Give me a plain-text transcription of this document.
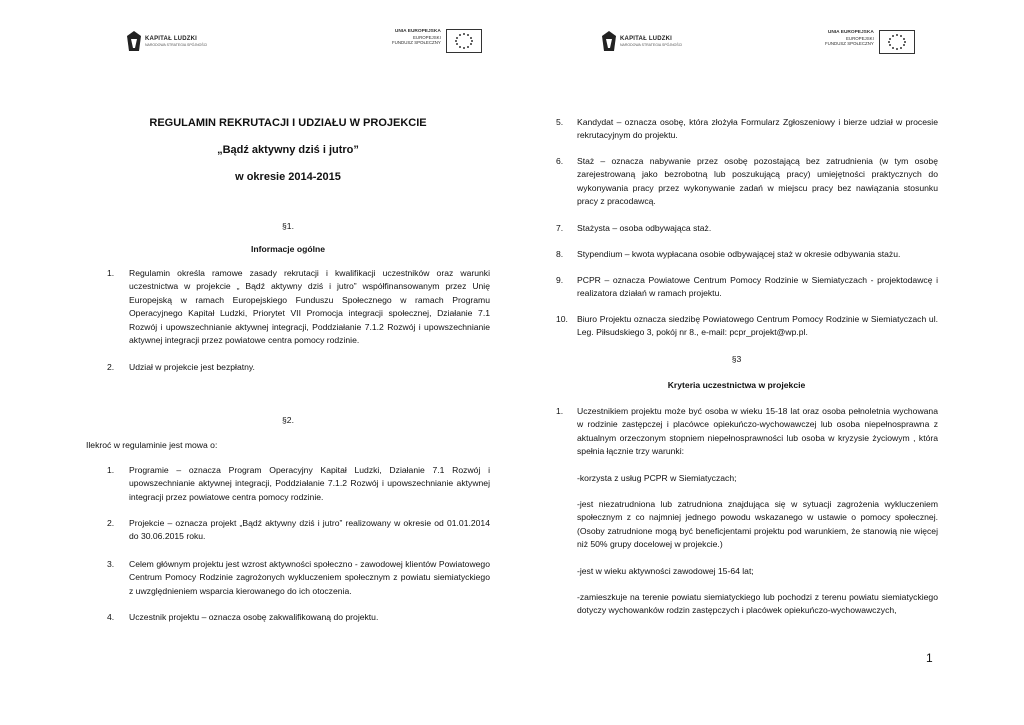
KAPITAŁ LUDZKI
NARODOWA STRATEGIA SPÓJNOŚCI
UNIA EUROPEJSKA
EUROPEJSKI
FUNDUSZ SPOŁECZNY
KAPITAŁ LUDZKI
NARODOWA STRATEGIA SPÓJNOŚCI
UNIA EUROPEJSKA
EUROPEJSKI
FUNDUSZ SPOŁECZNY
REGULAMIN REKRUTACJI I UDZIAŁU W PROJEKCIE
„Bądź aktywny dziś i jutro”
w okresie 2014-2015
§1.
Informacje ogólne
1. Regulamin określa ramowe zasady rekrutacji i kwalifikacji uczestników oraz warunki uczestnictwa w projekcie „ Bądź aktywny dziś i jutro” współfinansowanym przez Unię Europejską w ramach Europejskiego Funduszu Społecznego w ramach Programu Operacyjnego Kapitał Ludzki, Priorytet VII Promocja integracji społecznej, Działanie 7.1 Rozwój i upowszechnianie aktywnej integracji, Poddziałanie 7.1.2 Rozwój i upowszechnianie aktywnej integracji przez powiatowe centra pomocy rodzinie.
2. Udział w projekcie jest bezpłatny.
§2.
Ilekroć w regulaminie jest mowa o:
1. Programie – oznacza Program Operacyjny Kapitał Ludzki, Działanie 7.1 Rozwój i upowszechnianie aktywnej integracji, Poddziałanie 7.1.2 Rozwój i upowszechnianie aktywnej integracji przez powiatowe centra pomocy rodzinie.
2. Projekcie – oznacza projekt „Bądź aktywny dziś i jutro” realizowany w okresie od 01.01.2014 do 30.06.2015 roku.
3. Celem głównym projektu jest wzrost aktywności społeczno - zawodowej klientów Powiatowego Centrum Pomocy Rodzinie zagrożonych wykluczeniem społecznym z powiatu siemiatyckiego z uwzględnieniem wsparcia kierowanego do ich otoczenia.
4. Uczestnik projektu – oznacza osobę zakwalifikowaną do projektu.
5. Kandydat – oznacza osobę, która złożyła Formularz Zgłoszeniowy i bierze udział w procesie rekrutacyjnym do projektu.
6. Staż – oznacza nabywanie przez osobę pozostającą bez zatrudnienia (w tym osobę zarejestrowaną jako bezrobotną lub poszukującą pracy) umiejętności praktycznych do wykonywania pracy przez wykonywanie zadań w miejscu pracy bez nawiązania stosunku pracy z pracodawcą.
7. Stażysta – osoba odbywająca staż.
8. Stypendium – kwota wypłacana osobie odbywającej staż w okresie odbywania stażu.
9. PCPR – oznacza Powiatowe Centrum Pomocy Rodzinie w Siemiatyczach - projektodawcę i realizatora działań w ramach projektu.
10. Biuro Projektu oznacza siedzibę Powiatowego Centrum Pomocy Rodzinie w Siemiatyczach ul. Leg. Piłsudskiego 3, pokój nr 8., e-mail: pcpr_projekt@wp.pl.
§3
Kryteria uczestnictwa w projekcie
1. Uczestnikiem projektu może być osoba w wieku 15-18 lat oraz osoba pełnoletnia wychowana w rodzinie zastępczej i placówce opiekuńczo-wychowawczej lub osoba niepełnosprawna z aktualnym orzeczonym stopniem niepełnosprawności lub osoba w kryzysie życiowym , która spełnia łącznie trzy warunki:
-korzysta z usług PCPR w Siemiatyczach;
-jest niezatrudniona lub zatrudniona znajdująca się w sytuacji zagrożenia wykluczeniem społecznym z co najmniej jednego powodu wskazanego w ustawie o pomocy społecznej. (Osoby zatrudnione mogą być beneficjentami projektu pod warunkiem, że stanowią nie więcej niż 50% grupy docelowej w projekcie.)
-jest w wieku aktywności zawodowej 15-64 lat;
-zamieszkuje na terenie powiatu siemiatyckiego lub pochodzi z terenu powiatu siemiatyckiego dotyczy wychowanków rodzin zastępczych i placówek opiekuńczo-wychowawczych,
1
